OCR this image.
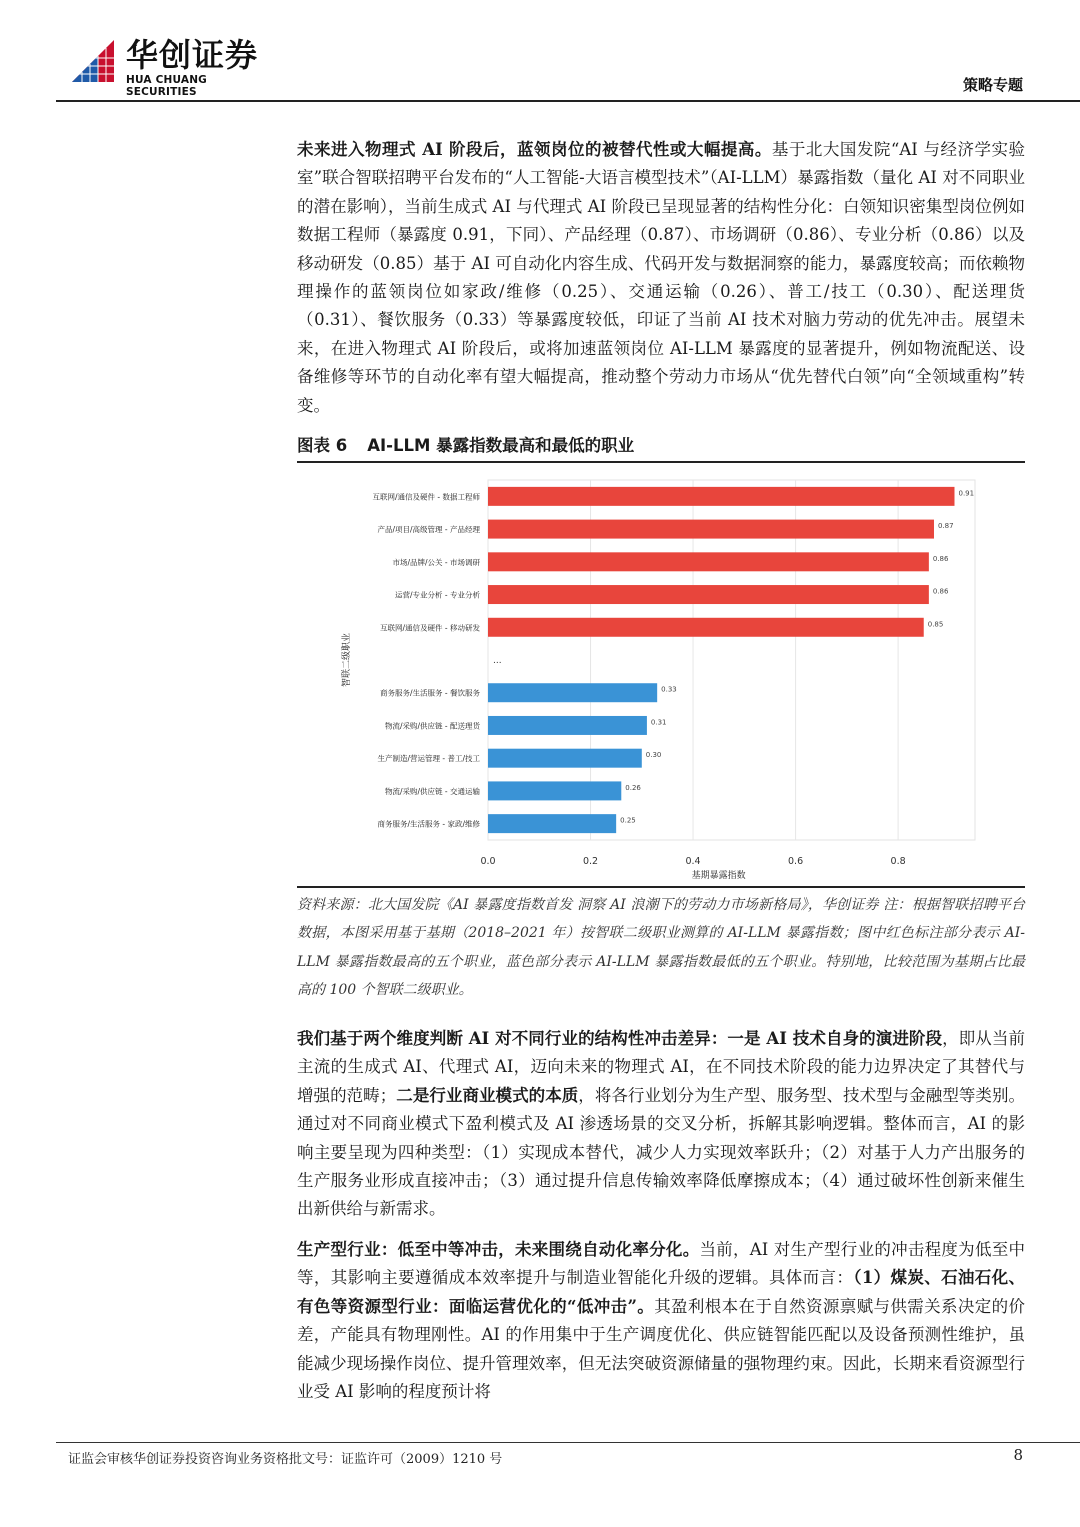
华创证券
HUA CHUANG SECURITIES	策略专题

未来进入物理式 AI 阶段后，蓝领岗位的被替代性或大幅提高。基于北大国发院“AI 与经济学实验室”联合智联招聘平台发布的“人工智能-大语言模型技术”（AI-LLM）暴露指数（量化 AI 对不同职业的潜在影响），当前生成式 AI 与代理式 AI 阶段已呈现显著的结构性分化：白领知识密集型岗位例如数据工程师（暴露度 0.91，下同）、产品经理（0.87）、市场调研（0.86）、专业分析（0.86）以及移动研发（0.85）基于 AI 可自动化内容生成、代码开发与数据洞察的能力，暴露度较高；而依赖物理操作的蓝领岗位如家政/维修（0.25）、交通运输（0.26）、普工/技工（0.30）、配送理货（0.31）、餐饮服务（0.33）等暴露度较低，印证了当前 AI 技术对脑力劳动的优先冲击。展望未来，在进入物理式 AI 阶段后，或将加速蓝领岗位 AI-LLM 暴露度的显著提升，例如物流配送、设备维修等环节的自动化率有望大幅提高，推动整个劳动力市场从“优先替代白领”向“全领域重构”转变。

图表 6 AI-LLM 暴露指数最高和最低的职业
0.0	0.2	0.4	0.6	0.8
0.91
互联网/通信及硬件 - 数据工程师
0.87
产品/项目/高级管理 - 产品经理
0.86
市场/品牌/公关 - 市场调研
0.86
运营/专业分析 - 专业分析
0.85
互联网/通信及硬件 - 移动研发
...
0.33
商务服务/生活服务 - 餐饮服务
0.31
物流/采购/供应链 - 配送理货
0.30
生产制造/营运管理 - 普工/技工
0.26
物流/采购/供应链 - 交通运输
0.25
商务服务/生活服务 - 家政/维修
基期暴露指数
智联二级职业

资料来源：北大国发院《AI 暴露度指数首发 洞察 AI 浪潮下的劳动力市场新格局》，华创证券 注：根据智联招聘平台数据，本图采用基于基期（2018–2021 年）按智联二级职业测算的 AI-LLM 暴露指数；图中红色标注部分表示 AI-LLM 暴露指数最高的五个职业，蓝色部分表示 AI-LLM 暴露指数最低的五个职业。特别地，比较范围为基期占比最高的 100 个智联二级职业。

我们基于两个维度判断 AI 对不同行业的结构性冲击差异：一是 AI 技术自身的演进阶段，即从当前主流的生成式 AI、代理式 AI，迈向未来的物理式 AI，在不同技术阶段的能力边界决定了其替代与增强的范畴；二是行业商业模式的本质，将各行业划分为生产型、服务型、技术型与金融型等类别。通过对不同商业模式下盈利模式及 AI 渗透场景的交叉分析，拆解其影响逻辑。整体而言，AI 的影响主要呈现为四种类型：（1）实现成本替代，减少人力实现效率跃升；（2）对基于人力产出服务的生产服务业形成直接冲击；（3）通过提升信息传输效率降低摩擦成本；（4）通过破坏性创新来催生出新供给与新需求。

生产型行业：低至中等冲击，未来围绕自动化率分化。当前，AI 对生产型行业的冲击程度为低至中等，其影响主要遵循成本效率提升与制造业智能化升级的逻辑。具体而言：（1）煤炭、石油石化、有色等资源型行业：面临运营优化的“低冲击”。其盈利根本在于自然资源禀赋与供需关系决定的价差，产能具有物理刚性。AI 的作用集中于生产调度优化、供应链智能匹配以及设备预测性维护，虽能减少现场操作岗位、提升管理效率，但无法突破资源储量的强物理约束。因此，长期来看资源型行业受 AI 影响的程度预计将

证监会审核华创证券投资咨询业务资格批文号：证监许可（2009）1210 号	8
